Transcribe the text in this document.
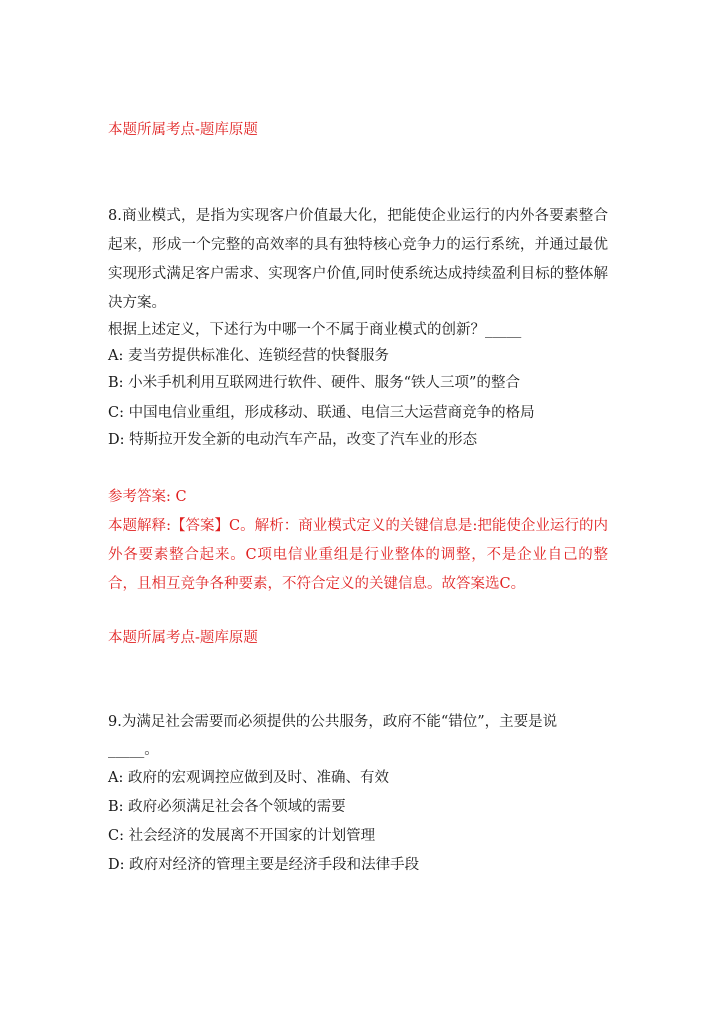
本题所属考点-题库原题
8.商业模式，是指为实现客户价值最大化，把能使企业运行的内外各要素整合起来，形成一个完整的高效率的具有独特核心竞争力的运行系统，并通过最优实现形式满足客户需求、实现客户价值,同时使系统达成持续盈利目标的整体解决方案。
根据上述定义，下述行为中哪一个不属于商业模式的创新？_____
A: 麦当劳提供标准化、连锁经营的快餐服务
B: 小米手机利用互联网进行软件、硬件、服务“铁人三项”的整合
C: 中国电信业重组，形成移动、联通、电信三大运营商竞争的格局
D: 特斯拉开发全新的电动汽车产品，改变了汽车业的形态
参考答案: C
本题解释:【答案】C。解析：商业模式定义的关键信息是:把能使企业运行的内外各要素整合起来。C项电信业重组是行业整体的调整，不是企业自己的整合，且相互竞争各种要素，不符合定义的关键信息。故答案选C。
本题所属考点-题库原题
9.为满足社会需要而必须提供的公共服务，政府不能“错位”，主要是说
_____。
A: 政府的宏观调控应做到及时、准确、有效
B: 政府必须满足社会各个领域的需要
C: 社会经济的发展离不开国家的计划管理
D: 政府对经济的管理主要是经济手段和法律手段
